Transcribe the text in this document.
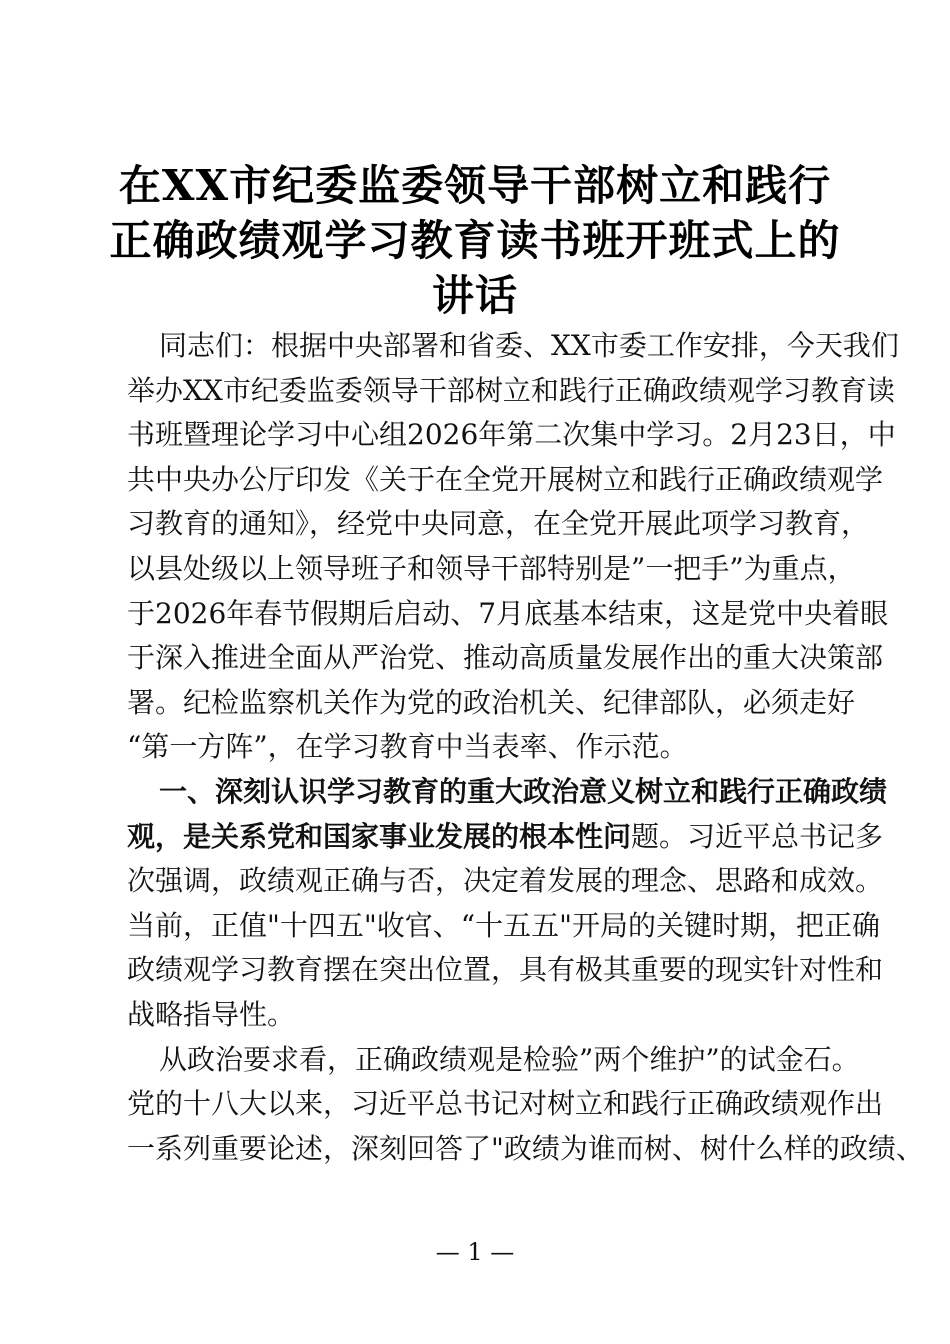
在XX市纪委监委领导干部树立和践行
正确政绩观学习教育读书班开班式上的
讲话
同志们：根据中央部署和省委、XX市委工作安排，今天我们
举办XX市纪委监委领导干部树立和践行正确政绩观学习教育读
书班暨理论学习中心组2026年第二次集中学习。2月23日，中
共中央办公厅印发《关于在全党开展树立和践行正确政绩观学
习教育的通知》，经党中央同意，在全党开展此项学习教育，
以县处级以上领导班子和领导干部特别是”一把手”为重点，
于2026年春节假期后启动、7月底基本结束，这是党中央着眼
于深入推进全面从严治党、推动高质量发展作出的重大决策部
署。纪检监察机关作为党的政治机关、纪律部队，必须走好
“第一方阵”，在学习教育中当表率、作示范。
一、深刻认识学习教育的重大政治意义树立和践行正确政绩
观，是关系党和国家事业发展的根本性问题。习近平总书记多
次强调，政绩观正确与否，决定着发展的理念、思路和成效。
当前，正值"十四五"收官、“十五五"开局的关键时期，把正确
政绩观学习教育摆在突出位置，具有极其重要的现实针对性和
战略指导性。
从政治要求看，正确政绩观是检验”两个维护”的试金石。
党的十八大以来，习近平总书记对树立和践行正确政绩观作出
一系列重要论述，深刻回答了"政绩为谁而树、树什么样的政绩、
— 1 —
